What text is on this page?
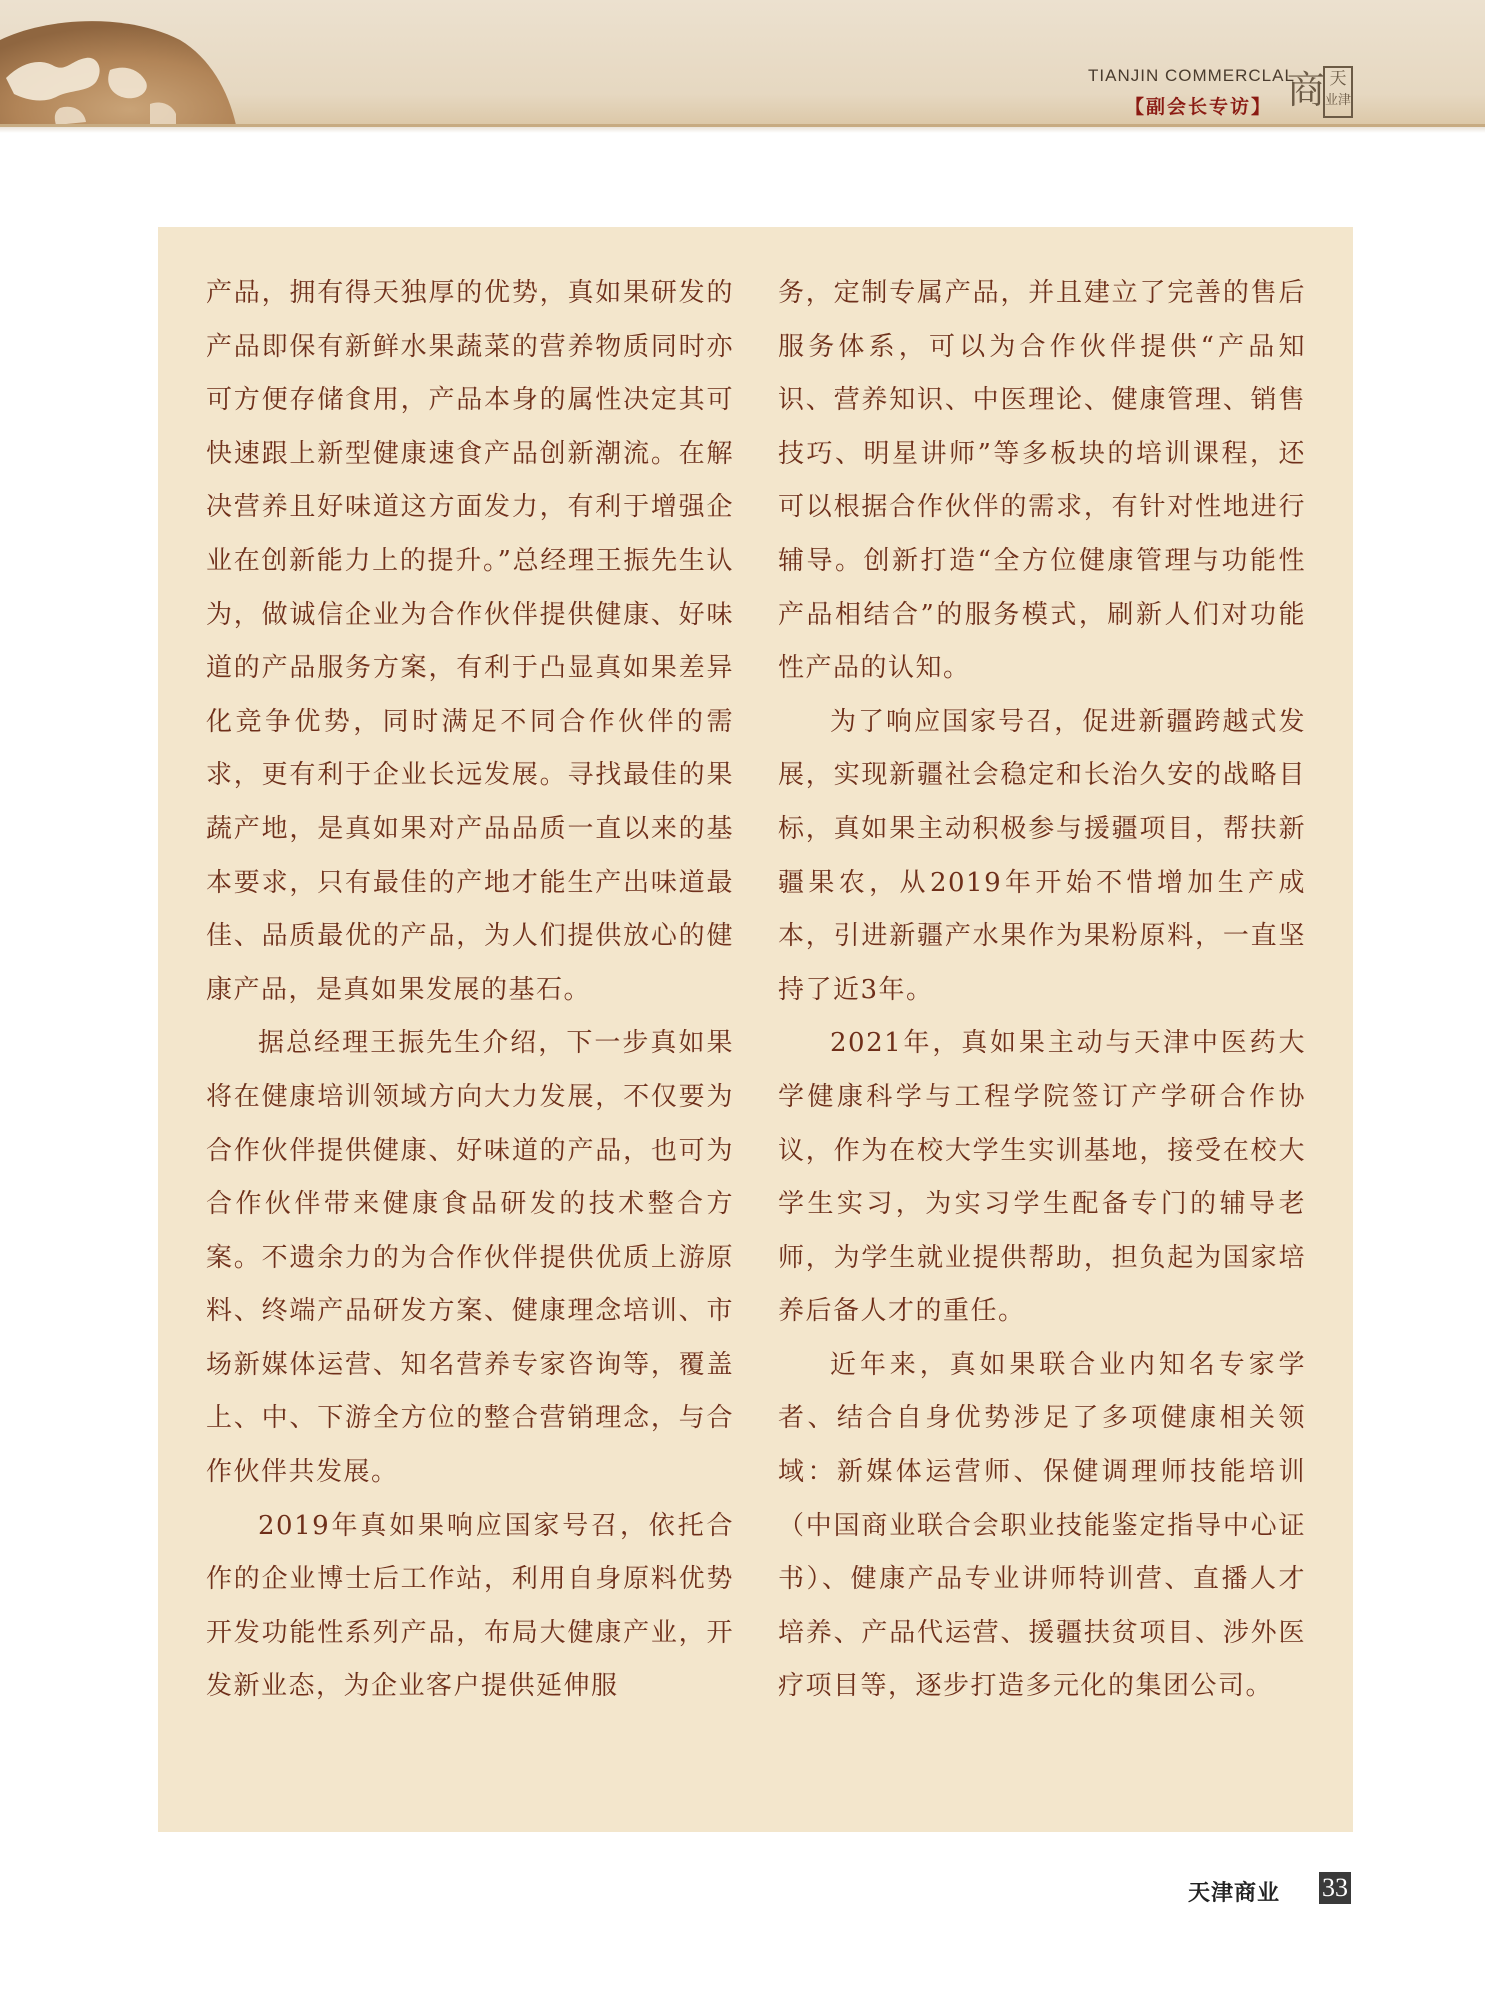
TIANJIN COMMERCLAL
【副会长专访】 商 天
业津

产品，拥有得天独厚的优势，真如果研发的产品即保有新鲜水果蔬菜的营养物质同时亦可方便存储食用，产品本身的属性决定其可快速跟上新型健康速食产品创新潮流。在解决营养且好味道这方面发力，有利于增强企业在创新能力上的提升。”总经理王振先生认为，做诚信企业为合作伙伴提供健康、好味道的产品服务方案，有利于凸显真如果差异化竞争优势，同时满足不同合作伙伴的需求，更有利于企业长远发展。寻找最佳的果蔬产地，是真如果对产品品质一直以来的基本要求，只有最佳的产地才能生产出味道最佳、品质最优的产品，为人们提供放心的健康产品，是真如果发展的基石。

据总经理王振先生介绍，下一步真如果将在健康培训领域方向大力发展，不仅要为合作伙伴提供健康、好味道的产品，也可为合作伙伴带来健康食品研发的技术整合方案。不遗余力的为合作伙伴提供优质上游原料、终端产品研发方案、健康理念培训、市场新媒体运营、知名营养专家咨询等，覆盖上、中、下游全方位的整合营销理念，与合作伙伴共发展。

2019年真如果响应国家号召，依托合作的企业博士后工作站，利用自身原料优势开发功能性系列产品，布局大健康产业，开发新业态，为企业客户提供延伸服

务，定制专属产品，并且建立了完善的售后服务体系，可以为合作伙伴提供“产品知识、营养知识、中医理论、健康管理、销售技巧、明星讲师”等多板块的培训课程，还可以根据合作伙伴的需求，有针对性地进行辅导。创新打造“全方位健康管理与功能性产品相结合”的服务模式，刷新人们对功能性产品的认知。

为了响应国家号召，促进新疆跨越式发展，实现新疆社会稳定和长治久安的战略目标，真如果主动积极参与援疆项目，帮扶新疆果农，从2019年开始不惜增加生产成本，引进新疆产水果作为果粉原料，一直坚持了近3年。

2021年，真如果主动与天津中医药大学健康科学与工程学院签订产学研合作协议，作为在校大学生实训基地，接受在校大学生实习，为实习学生配备专门的辅导老师，为学生就业提供帮助，担负起为国家培养后备人才的重任。

近年来，真如果联合业内知名专家学者、结合自身优势涉足了多项健康相关领域：新媒体运营师、保健调理师技能培训（中国商业联合会职业技能鉴定指导中心证书）、健康产品专业讲师特训营、直播人才培养、产品代运营、援疆扶贫项目、涉外医疗项目等，逐步打造多元化的集团公司。

天津商业 33
